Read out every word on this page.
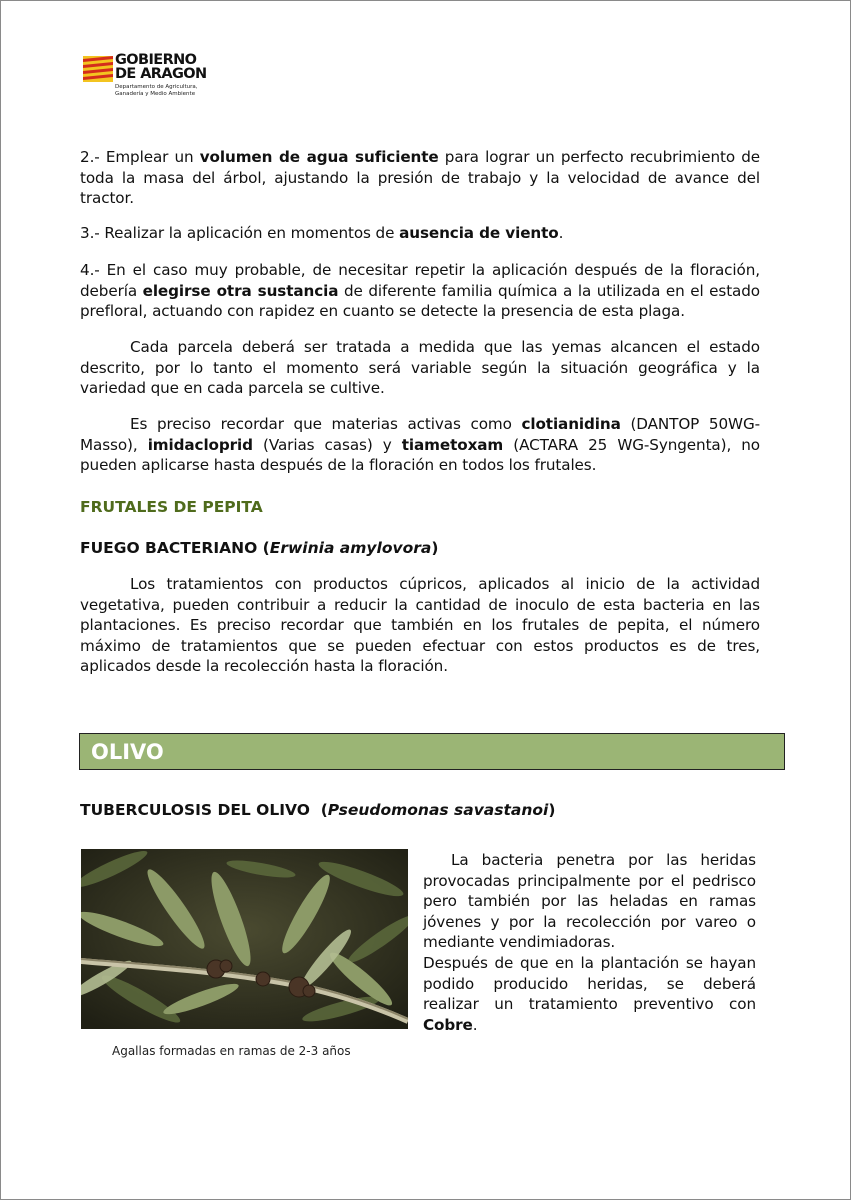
GOBIERNO
DE ARAGON
Departamento de Agricultura,
Ganadería y Medio Ambiente

2.- Emplear un volumen de agua suficiente para lograr un perfecto recubrimiento de toda la masa del árbol, ajustando la presión de trabajo y la velocidad de avance del tractor.

3.- Realizar la aplicación en momentos de ausencia de viento.

4.- En el caso muy probable, de necesitar repetir la aplicación después de la floración, debería elegirse otra sustancia de diferente familia química a la utilizada en el estado prefloral, actuando con rapidez en cuanto se detecte la presencia de esta plaga.

Cada parcela deberá ser tratada a medida que las yemas alcancen el estado descrito, por lo tanto el momento será variable según la situación geográfica y la variedad que en cada parcela se cultive.

Es preciso recordar que materias activas como clotianidina (DANTOP 50WG-Masso), imidacloprid (Varias casas) y tiametoxam (ACTARA 25 WG-Syngenta), no pueden aplicarse hasta después de la floración en todos los frutales.

FRUTALES DE PEPITA
FUEGO BACTERIANO (Erwinia amylovora)

Los tratamientos con productos cúpricos, aplicados al inicio de la actividad vegetativa, pueden contribuir a reducir la cantidad de inoculo de esta bacteria en las plantaciones. Es preciso recordar que también en los frutales de pepita, el número máximo de tratamientos que se pueden efectuar con estos productos es de tres, aplicados desde la recolección hasta la floración.

OLIVO
TUBERCULOSIS DEL OLIVO  (Pseudomonas savastanoi)
Agallas formadas en ramas de 2-3 años

La bacteria penetra por las heridas provocadas principalmente por el pedrisco pero también por las heladas en ramas jóvenes y por la recolección por vareo o mediante vendimiadoras.

Después de que en la plantación se hayan podido producido heridas, se deberá realizar un tratamiento preventivo con Cobre.
